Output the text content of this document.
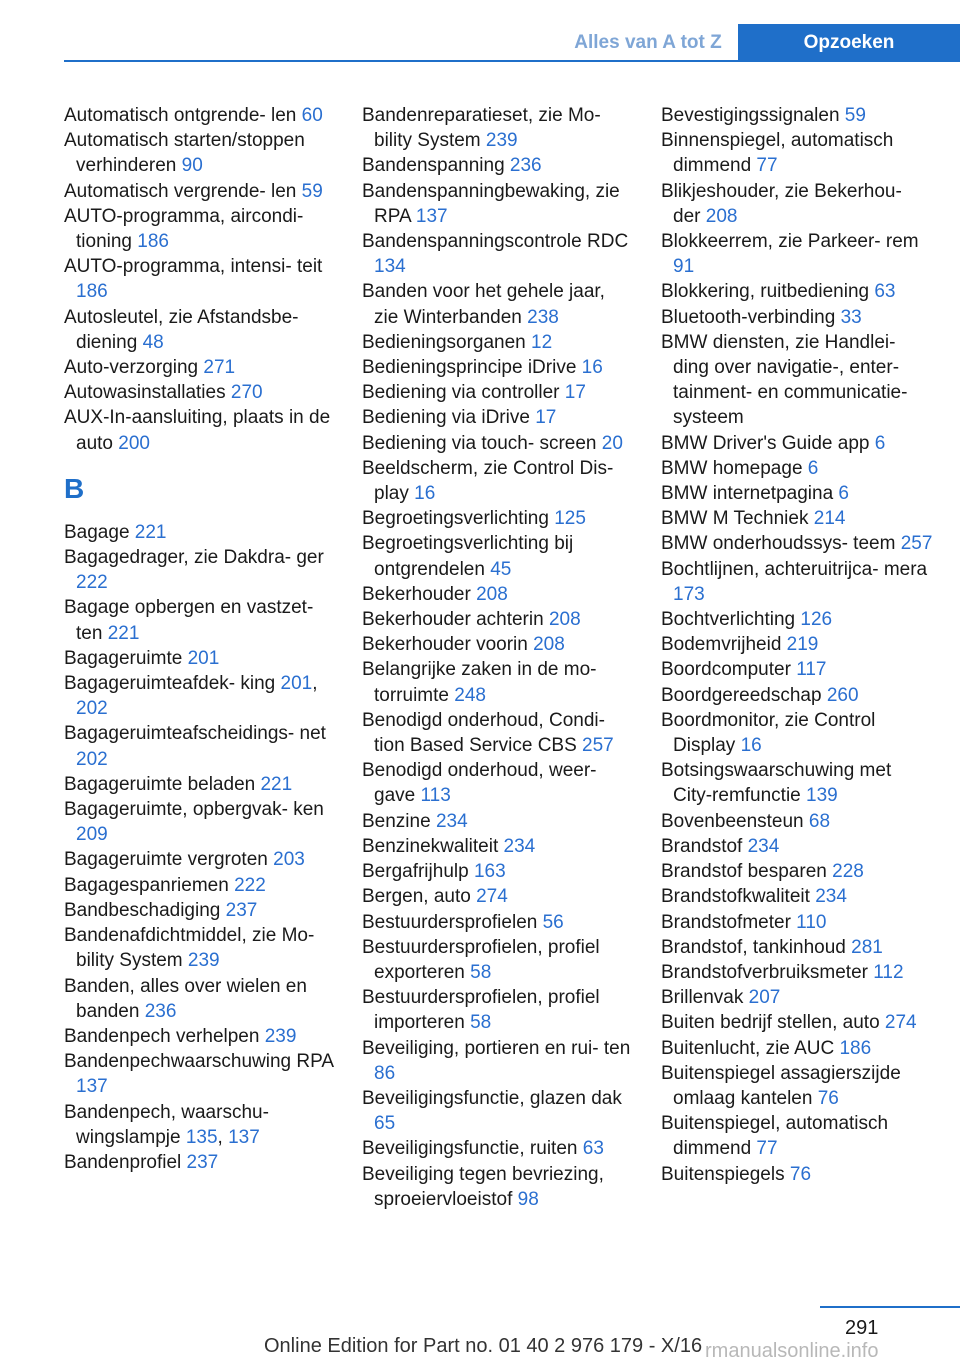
Alles van A tot Z	Opzoeken
Automatisch ontgrende- len 60
Automatisch starten/stoppen verhinderen 90
Automatisch vergrende- len 59
AUTO-programma, aircondi- tioning 186
AUTO-programma, intensi- teit 186
Autosleutel, zie Afstandsbe- diening 48
Auto-verzorging 271
Autowasinstallaties 270
AUX-In-aansluiting, plaats in de auto 200
B
Bagage 221
Bagagedrager, zie Dakdra- ger 222
Bagage opbergen en vastzet- ten 221
Bagageruimte 201
Bagageruimteafdek- king 201, 202
Bagageruimteafscheidings- net 202
Bagageruimte beladen 221
Bagageruimte, opbergvak- ken 209
Bagageruimte vergroten 203
Bagagespanriemen 222
Bandbeschadiging 237
Bandenafdichtmiddel, zie Mo- bility System 239
Banden, alles over wielen en banden 236
Bandenpech verhelpen 239
Bandenpechwaarschuwing RPA 137
Bandenpech, waarschu- wingslampje 135, 137
Bandenprofiel 237
Bandenreparatieset, zie Mo- bility System 239
Bandenspanning 236
Bandenspanningbewaking, zie RPA 137
Bandenspanningscontrole RDC 134
Banden voor het gehele jaar, zie Winterbanden 238
Bedieningsorganen 12
Bedieningsprincipe iDrive 16
Bediening via controller 17
Bediening via iDrive 17
Bediening via touch- screen 20
Beeldscherm, zie Control Dis- play 16
Begroetingsverlichting 125
Begroetingsverlichting bij ontgrendelen 45
Bekerhouder 208
Bekerhouder achterin 208
Bekerhouder voorin 208
Belangrijke zaken in de mo- torruimte 248
Benodigd onderhoud, Condi- tion Based Service CBS 257
Benodigd onderhoud, weer- gave 113
Benzine 234
Benzinekwaliteit 234
Bergafrijhulp 163
Bergen, auto 274
Bestuurdersprofielen 56
Bestuurdersprofielen, profiel exporteren 58
Bestuurdersprofielen, profiel importeren 58
Beveiliging, portieren en rui- ten 86
Beveiligingsfunctie, glazen dak 65
Beveiligingsfunctie, ruiten 63
Beveiliging tegen bevriezing, sproeiervloeistof 98
Bevestigingssignalen 59
Binnenspiegel, automatisch dimmend 77
Blikjeshouder, zie Bekerhou- der 208
Blokkeerrem, zie Parkeer- rem 91
Blokkering, ruitbediening 63
Bluetooth-verbinding 33
BMW diensten, zie Handlei- ding over navigatie-, enter- tainment- en communicatie- systeem
BMW Driver's Guide app 6
BMW homepage 6
BMW internetpagina 6
BMW M Techniek 214
BMW onderhoudssys- teem 257
Bochtlijnen, achteruitrijca- mera 173
Bochtverlichting 126
Bodemvrijheid 219
Boordcomputer 117
Boordgereedschap 260
Boordmonitor, zie Control Display 16
Botsingswaarschuwing met City-remfunctie 139
Bovenbeensteun 68
Brandstof 234
Brandstof besparen 228
Brandstofkwaliteit 234
Brandstofmeter 110
Brandstof, tankinhoud 281
Brandstofverbruiksmeter 112
Brillenvak 207
Buiten bedrijf stellen, auto 274
Buitenlucht, zie AUC 186
Buitenspiegel assagierszijde omlaag kantelen 76
Buitenspiegel, automatisch dimmend 77
Buitenspiegels 76
291
Online Edition for Part no. 01 40 2 976 179 - X/16 rmanualsonline.info
